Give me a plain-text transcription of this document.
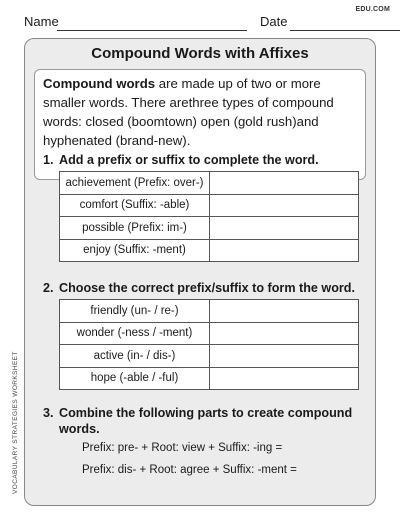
EDU.COM
Name	Date
VOCABULARY STRATEGIES WORKSHEET
Compound Words with Affixes
Compound words are made up of two or more smaller words. There arethree types of compound words: closed (boomtown) open (gold rush)and hyphenated (brand-new).
1. Add a prefix or suffix to complete the word.
achievement (Prefix: over-)	
comfort (Suffix: -able)	
possible (Prefix: im-)	
enjoy (Suffix: -ment)	
2. Choose the correct prefix/suffix to form the word.
friendly (un- / re-)	
wonder (-ness / -ment)	
active (in- / dis-)	
hope (-able / -ful)	
3. Combine the following parts to create compound
words.
Prefix: pre- + Root: view + Suffix: -ing =
Prefix: dis- + Root: agree + Suffix: -ment =
